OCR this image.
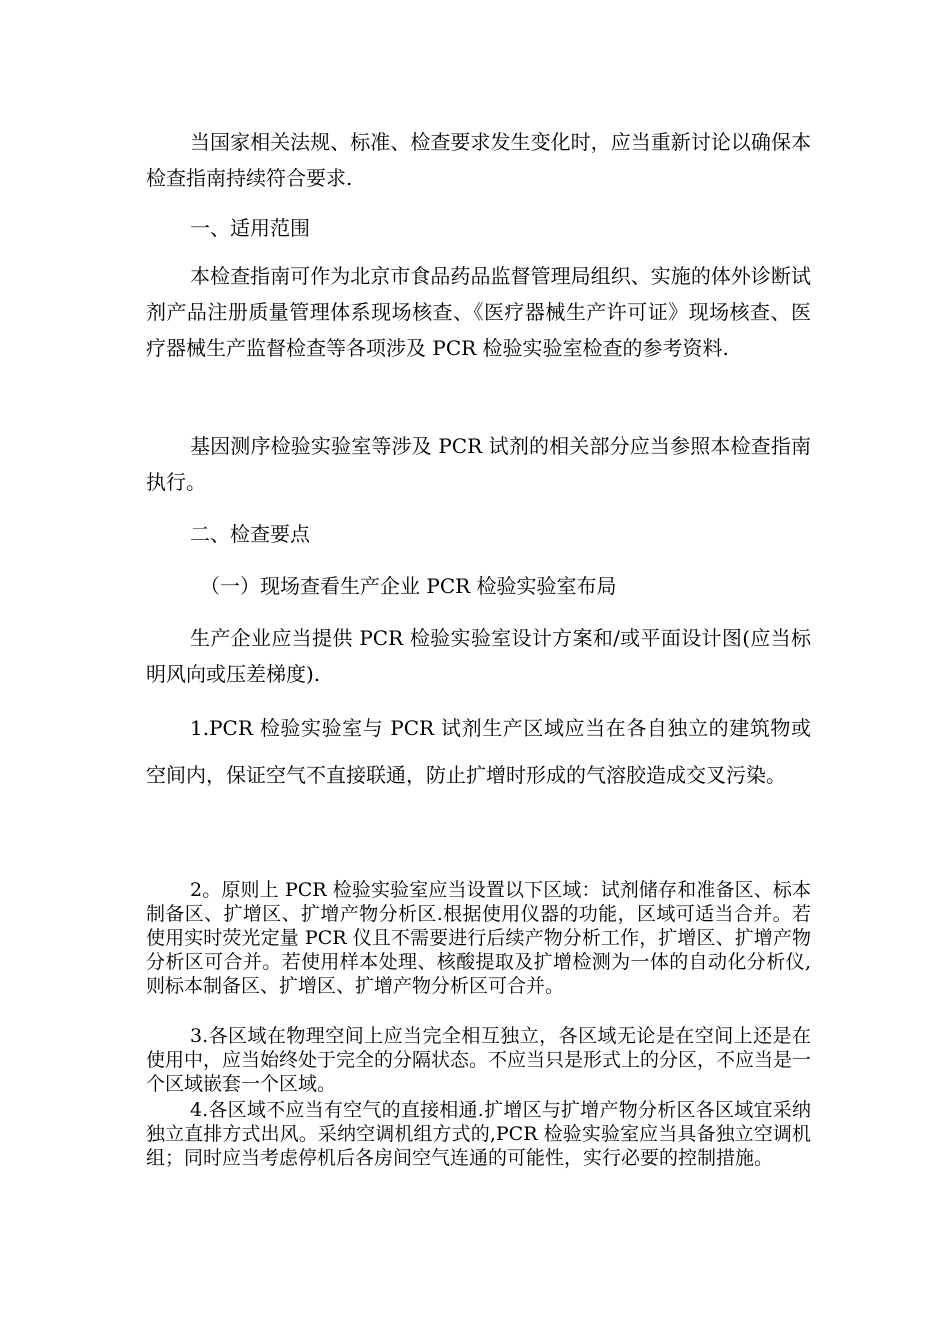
当国家相关法规、标准、检查要求发生变化时，应当重新讨论以确保本检查指南持续符合要求.

一、适用范围

本检查指南可作为北京市食品药品监督管理局组织、实施的体外诊断试剂产品注册质量管理体系现场核查、《医疗器械生产许可证》现场核查、医疗器械生产监督检查等各项涉及 PCR 检验实验室检查的参考资料.

基因测序检验实验室等涉及 PCR 试剂的相关部分应当参照本检查指南执行。

二、检查要点

（一）现场查看生产企业 PCR 检验实验室布局

生产企业应当提供 PCR 检验实验室设计方案和/或平面设计图(应当标明风向或压差梯度).

1.PCR 检验实验室与 PCR 试剂生产区域应当在各自独立的建筑物或空间内，保证空气不直接联通，防止扩增时形成的气溶胶造成交叉污染。

2。原则上 PCR 检验实验室应当设置以下区域：试剂储存和准备区、标本制备区、扩增区、扩增产物分析区.根据使用仪器的功能，区域可适当合并。若使用实时荧光定量 PCR 仪且不需要进行后续产物分析工作，扩增区、扩增产物分析区可合并。若使用样本处理、核酸提取及扩增检测为一体的自动化分析仪,则标本制备区、扩增区、扩增产物分析区可合并。

3.各区域在物理空间上应当完全相互独立，各区域无论是在空间上还是在使用中，应当始终处于完全的分隔状态。不应当只是形式上的分区，不应当是一个区域嵌套一个区域。

4.各区域不应当有空气的直接相通.扩增区与扩增产物分析区各区域宜采纳独立直排方式出风。采纳空调机组方式的,PCR 检验实验室应当具备独立空调机组；同时应当考虑停机后各房间空气连通的可能性，实行必要的控制措施。
